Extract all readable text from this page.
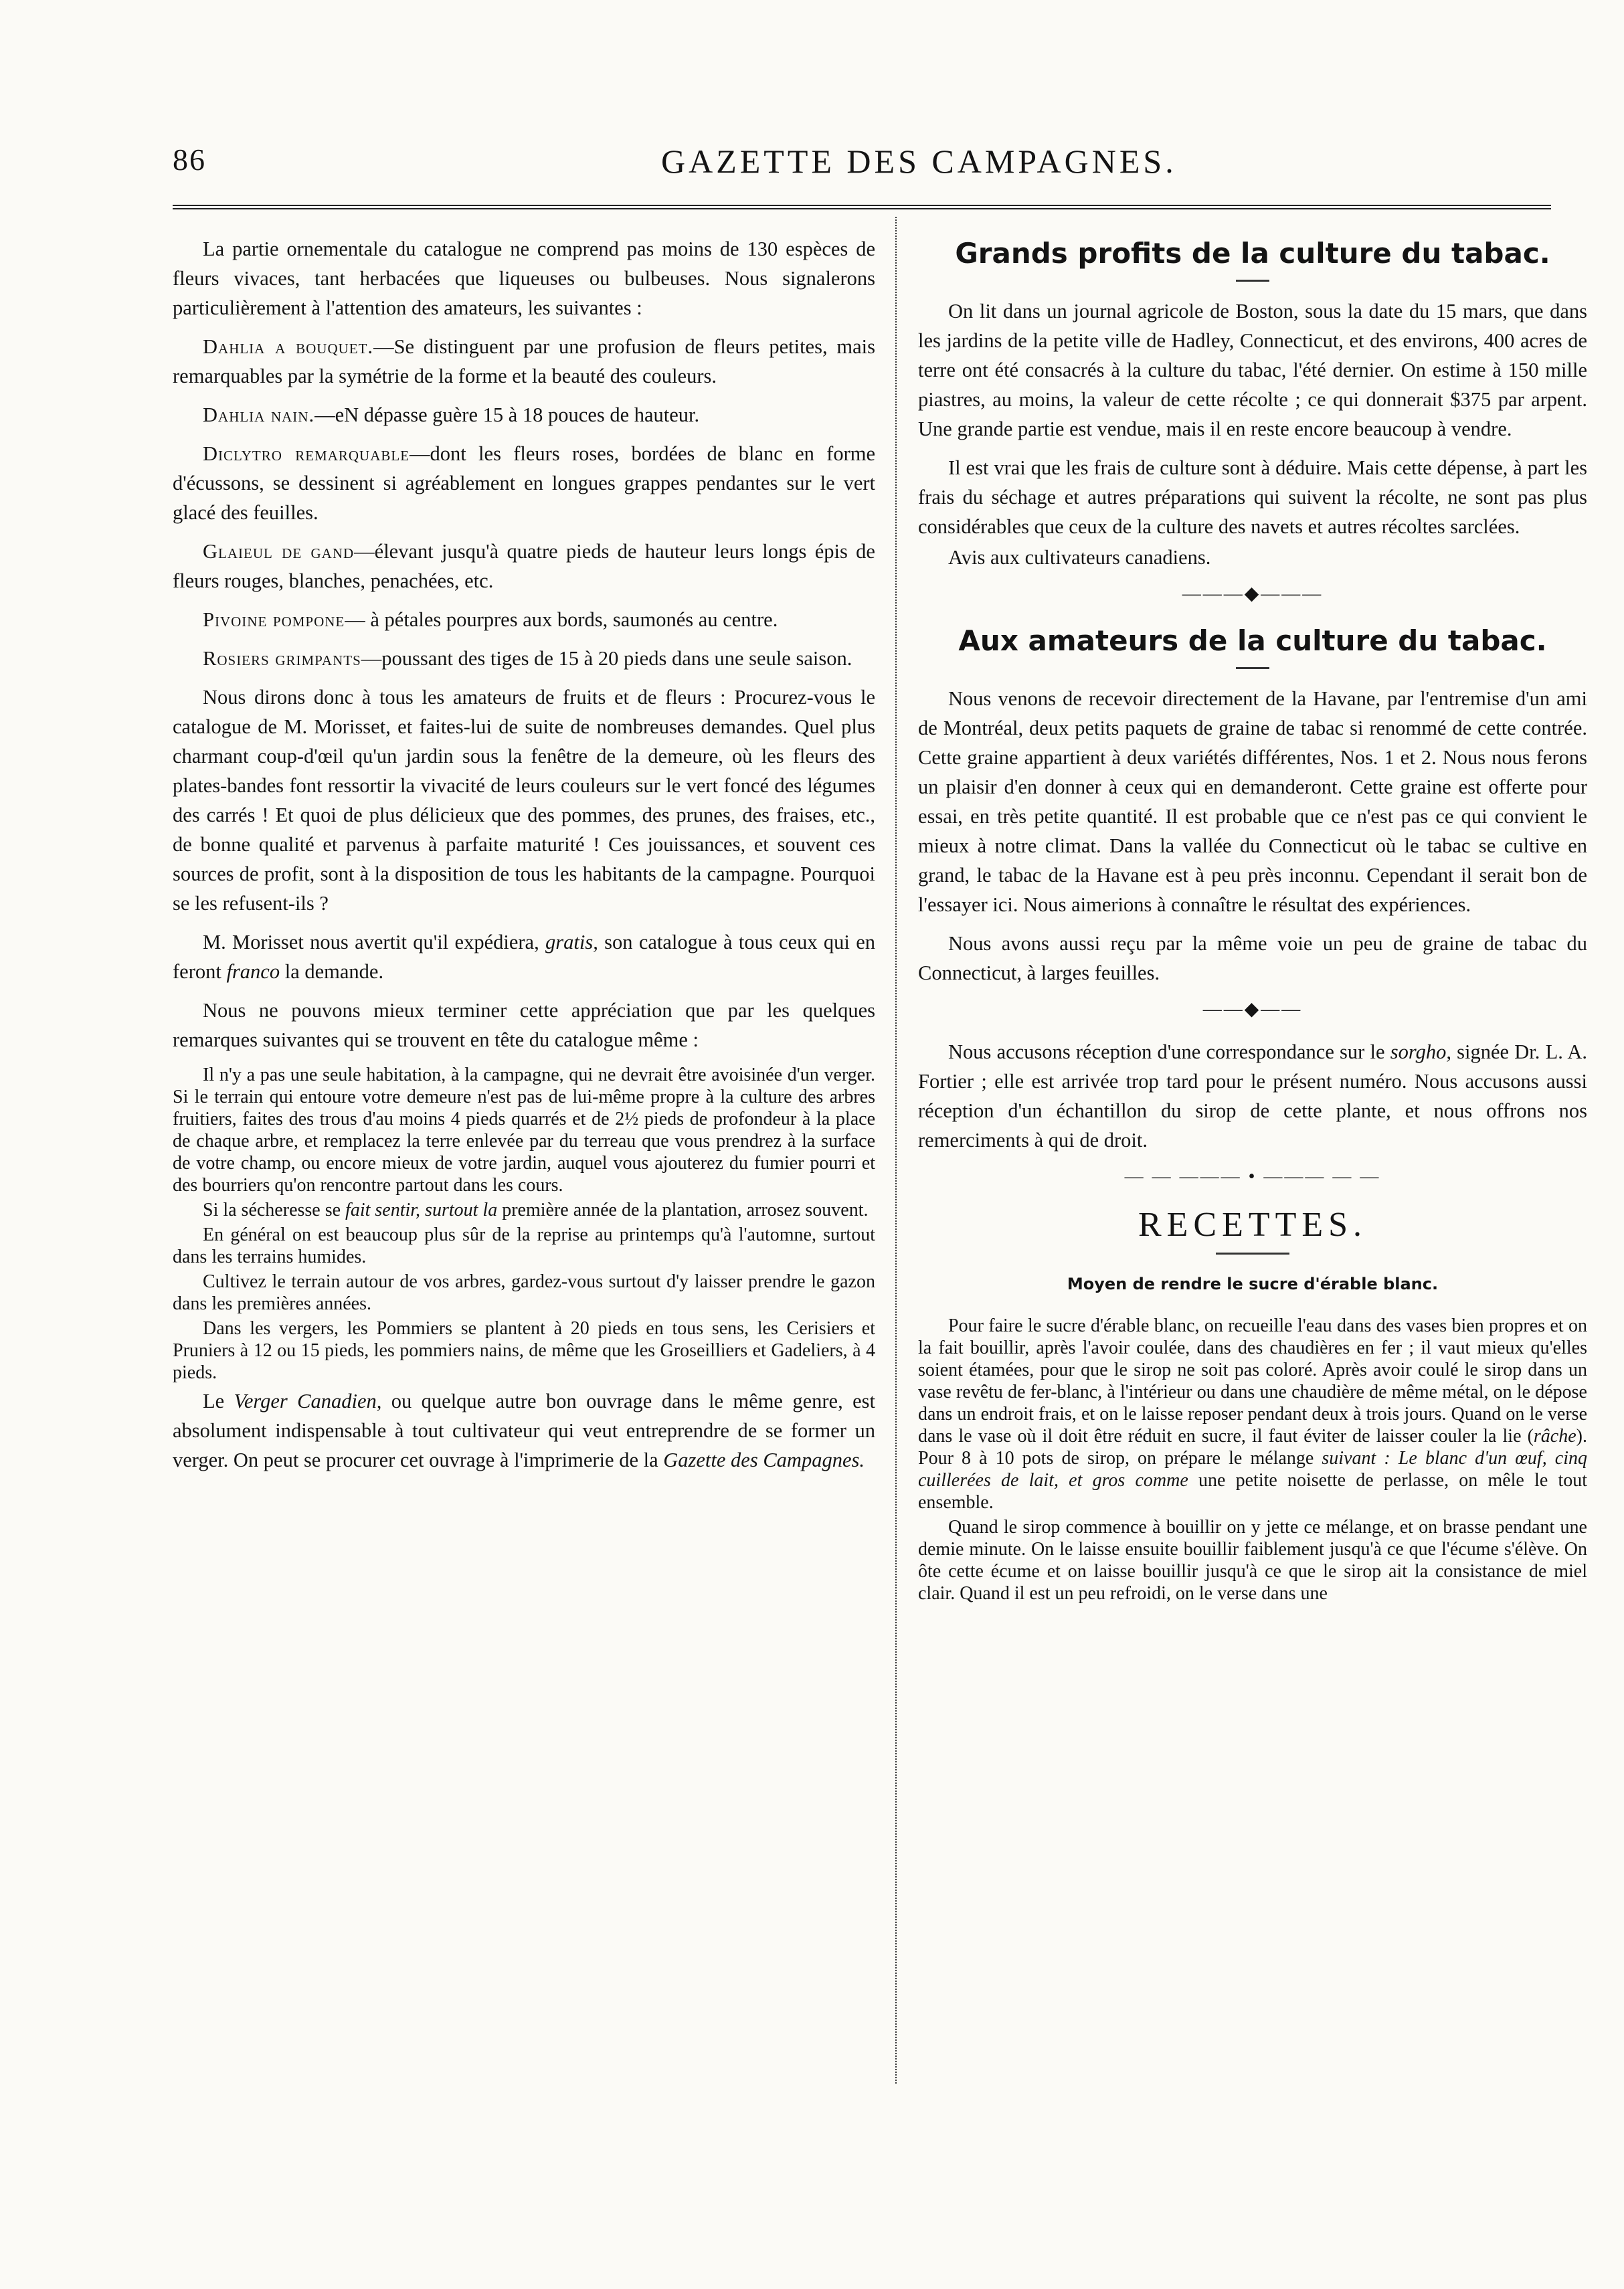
86	GAZETTE DES CAMPAGNES.

La partie ornementale du catalogue ne comprend pas moins de 130 espèces de fleurs vivaces, tant herbacées que liqueuses ou bulbeuses. Nous signalerons particulièrement à l'attention des amateurs, les suivantes :

Dahlia a bouquet.—Se distinguent par une profusion de fleurs petites, mais remarquables par la symétrie de la forme et la beauté des couleurs.

Dahlia nain.—eN dépasse guère 15 à 18 pouces de hauteur.

Diclytro remarquable—dont les fleurs roses, bordées de blanc en forme d'écussons, se dessinent si agréablement en longues grappes pendantes sur le vert glacé des feuilles.

Glaieul de gand—élevant jusqu'à quatre pieds de hauteur leurs longs épis de fleurs rouges, blanches, penachées, etc.

Pivoine pompone— à pétales pourpres aux bords, saumonés au centre.

Rosiers grimpants—poussant des tiges de 15 à 20 pieds dans une seule saison.

Nous dirons donc à tous les amateurs de fruits et de fleurs : Procurez-vous le catalogue de M. Morisset, et faites-lui de suite de nombreuses demandes. Quel plus charmant coup-d'œil qu'un jardin sous la fenêtre de la demeure, où les fleurs des plates-bandes font ressortir la vivacité de leurs couleurs sur le vert foncé des légumes des carrés ! Et quoi de plus délicieux que des pommes, des prunes, des fraises, etc., de bonne qualité et parvenus à parfaite maturité ! Ces jouissances, et souvent ces sources de profit, sont à la disposition de tous les habitants de la campagne. Pourquoi se les refusent-ils ?

M. Morisset nous avertit qu'il expédiera, gratis, son catalogue à tous ceux qui en feront franco la demande.

Nous ne pouvons mieux terminer cette appréciation que par les quelques remarques suivantes qui se trouvent en tête du catalogue même :

Il n'y a pas une seule habitation, à la campagne, qui ne devrait être avoisinée d'un verger. Si le terrain qui entoure votre demeure n'est pas de lui-même propre à la culture des arbres fruitiers, faites des trous d'au moins 4 pieds quarrés et de 2½ pieds de profondeur à la place de chaque arbre, et remplacez la terre enlevée par du terreau que vous prendrez à la surface de votre champ, ou encore mieux de votre jardin, auquel vous ajouterez du fumier pourri et des bourriers qu'on rencontre partout dans les cours.

Si la sécheresse se fait sentir, surtout la première année de la plantation, arrosez souvent.

En général on est beaucoup plus sûr de la reprise au printemps qu'à l'automne, surtout dans les terrains humides.

Cultivez le terrain autour de vos arbres, gardez-vous surtout d'y laisser prendre le gazon dans les premières années.

Dans les vergers, les Pommiers se plantent à 20 pieds en tous sens, les Cerisiers et Pruniers à 12 ou 15 pieds, les pommiers nains, de même que les Groseilliers et Gadeliers, à 4 pieds.

Le Verger Canadien, ou quelque autre bon ouvrage dans le même genre, est absolument indispensable à tout cultivateur qui veut entreprendre de se former un verger. On peut se procurer cet ouvrage à l'imprimerie de la Gazette des Campagnes.

Grands profits de la culture du tabac.

On lit dans un journal agricole de Boston, sous la date du 15 mars, que dans les jardins de la petite ville de Hadley, Connecticut, et des environs, 400 acres de terre ont été consacrés à la culture du tabac, l'été dernier. On estime à 150 mille piastres, au moins, la valeur de cette récolte ; ce qui donnerait $375 par arpent. Une grande partie est vendue, mais il en reste encore beaucoup à vendre.

Il est vrai que les frais de culture sont à déduire. Mais cette dépense, à part les frais du séchage et autres préparations qui suivent la récolte, ne sont pas plus considérables que ceux de la culture des navets et autres récoltes sarclées.

Avis aux cultivateurs canadiens.

———◆———
Aux amateurs de la culture du tabac.

Nous venons de recevoir directement de la Havane, par l'entremise d'un ami de Montréal, deux petits paquets de graine de tabac si renommé de cette contrée. Cette graine appartient à deux variétés différentes, Nos. 1 et 2. Nous nous ferons un plaisir d'en donner à ceux qui en demanderont. Cette graine est offerte pour essai, en très petite quantité. Il est probable que ce n'est pas ce qui convient le mieux à notre climat. Dans la vallée du Connecticut où le tabac se cultive en grand, le tabac de la Havane est à peu près inconnu. Cependant il serait bon de l'essayer ici. Nous aimerions à connaître le résultat des expériences.

Nous avons aussi reçu par la même voie un peu de graine de tabac du Connecticut, à larges feuilles.

——◆——

Nous accusons réception d'une correspondance sur le sorgho, signée Dr. L. A. Fortier ; elle est arrivée trop tard pour le présent numéro. Nous accusons aussi réception d'un échantillon du sirop de cette plante, et nous offrons nos remerciments à qui de droit.

— — ——— • ——— — —
RECETTES.
Moyen de rendre le sucre d'érable blanc.

Pour faire le sucre d'érable blanc, on recueille l'eau dans des vases bien propres et on la fait bouillir, après l'avoir coulée, dans des chaudières en fer ; il vaut mieux qu'elles soient étamées, pour que le sirop ne soit pas coloré. Après avoir coulé le sirop dans un vase revêtu de fer-blanc, à l'intérieur ou dans une chaudière de même métal, on le dépose dans un endroit frais, et on le laisse reposer pendant deux à trois jours. Quand on le verse dans le vase où il doit être réduit en sucre, il faut éviter de laisser couler la lie (râche). Pour 8 à 10 pots de sirop, on prépare le mélange suivant : Le blanc d'un œuf, cinq cuillerées de lait, et gros comme une petite noisette de perlasse, on mêle le tout ensemble.

Quand le sirop commence à bouillir on y jette ce mélange, et on brasse pendant une demie minute. On le laisse ensuite bouillir faiblement jusqu'à ce que l'écume s'élève. On ôte cette écume et on laisse bouillir jusqu'à ce que le sirop ait la consistance de miel clair. Quand il est un peu refroidi, on le verse dans une
